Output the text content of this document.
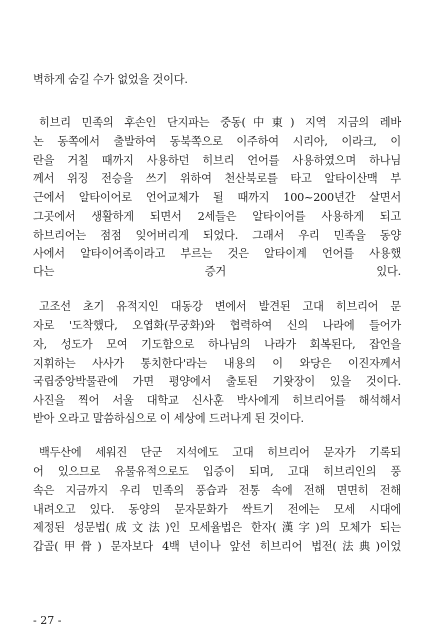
벽하게 숨길 수가 없었을 것이다.
히브리 민족의 후손인 단지파는 중동(中東) 지역 지금의 레바
논 동쪽에서 출발하여 동북쪽으로 이주하여 시리아, 이라크, 이
란을 거칠 때까지 사용하던 히브리 언어를 사용하였으며 하나님
께서 위징 전승을 쓰기 위하여 천산북로를 타고 알타이산맥 부
근에서 알타이어로 언어교체가 될 때까지 100~200년간 살면서
그곳에서 생활하게 되면서 2세들은 알타이어를 사용하게 되고
하브리어는 점점 잊어버리게 되었다. 그래서 우리 민족을 동양
사에서 알타이어족이라고 부르는 것은 알타이계 언어를 사용했
다는 증거 있다.
고조선 초기 유적지인 대동강 변에서 발견된 고대 히브리어 문
자로 '도착했다, 오엽화(무궁화)와 협력하여 신의 나라에 들어가
자, 성도가 모여 기도함으로 하나님의 나라가 회복된다, 잡언을
지휘하는 사사가 통치한다'라는 내용의 이 와당은 이진자께서
국립중앙박물관에 가면 평양에서 출토된 기왓장이 있을 것이다.
사진을 찍어 서울 대학교 신사훈 박사에게 히브리어를 해석해서
받아 오라고 말씀하심으로 이 세상에 드러나게 된 것이다.
백두산에 세워진 단군 지석에도 고대 히브리어 문자가 기록되
어 있으므로 유물유적으로도 입증이 되며, 고대 히브리인의 풍
속은 지금까지 우리 민족의 풍습과 전통 속에 전해 면면히 전해
내려오고 있다. 동양의 문자문화가 싹트기 전에는 모세 시대에
제정된 성문법(成文法)인 모세율법은 한자(漢字)의 모체가 되는
갑골(甲骨) 문자보다 4백 년이나 앞선 히브리어 법전(法典)이었
- 27 -
